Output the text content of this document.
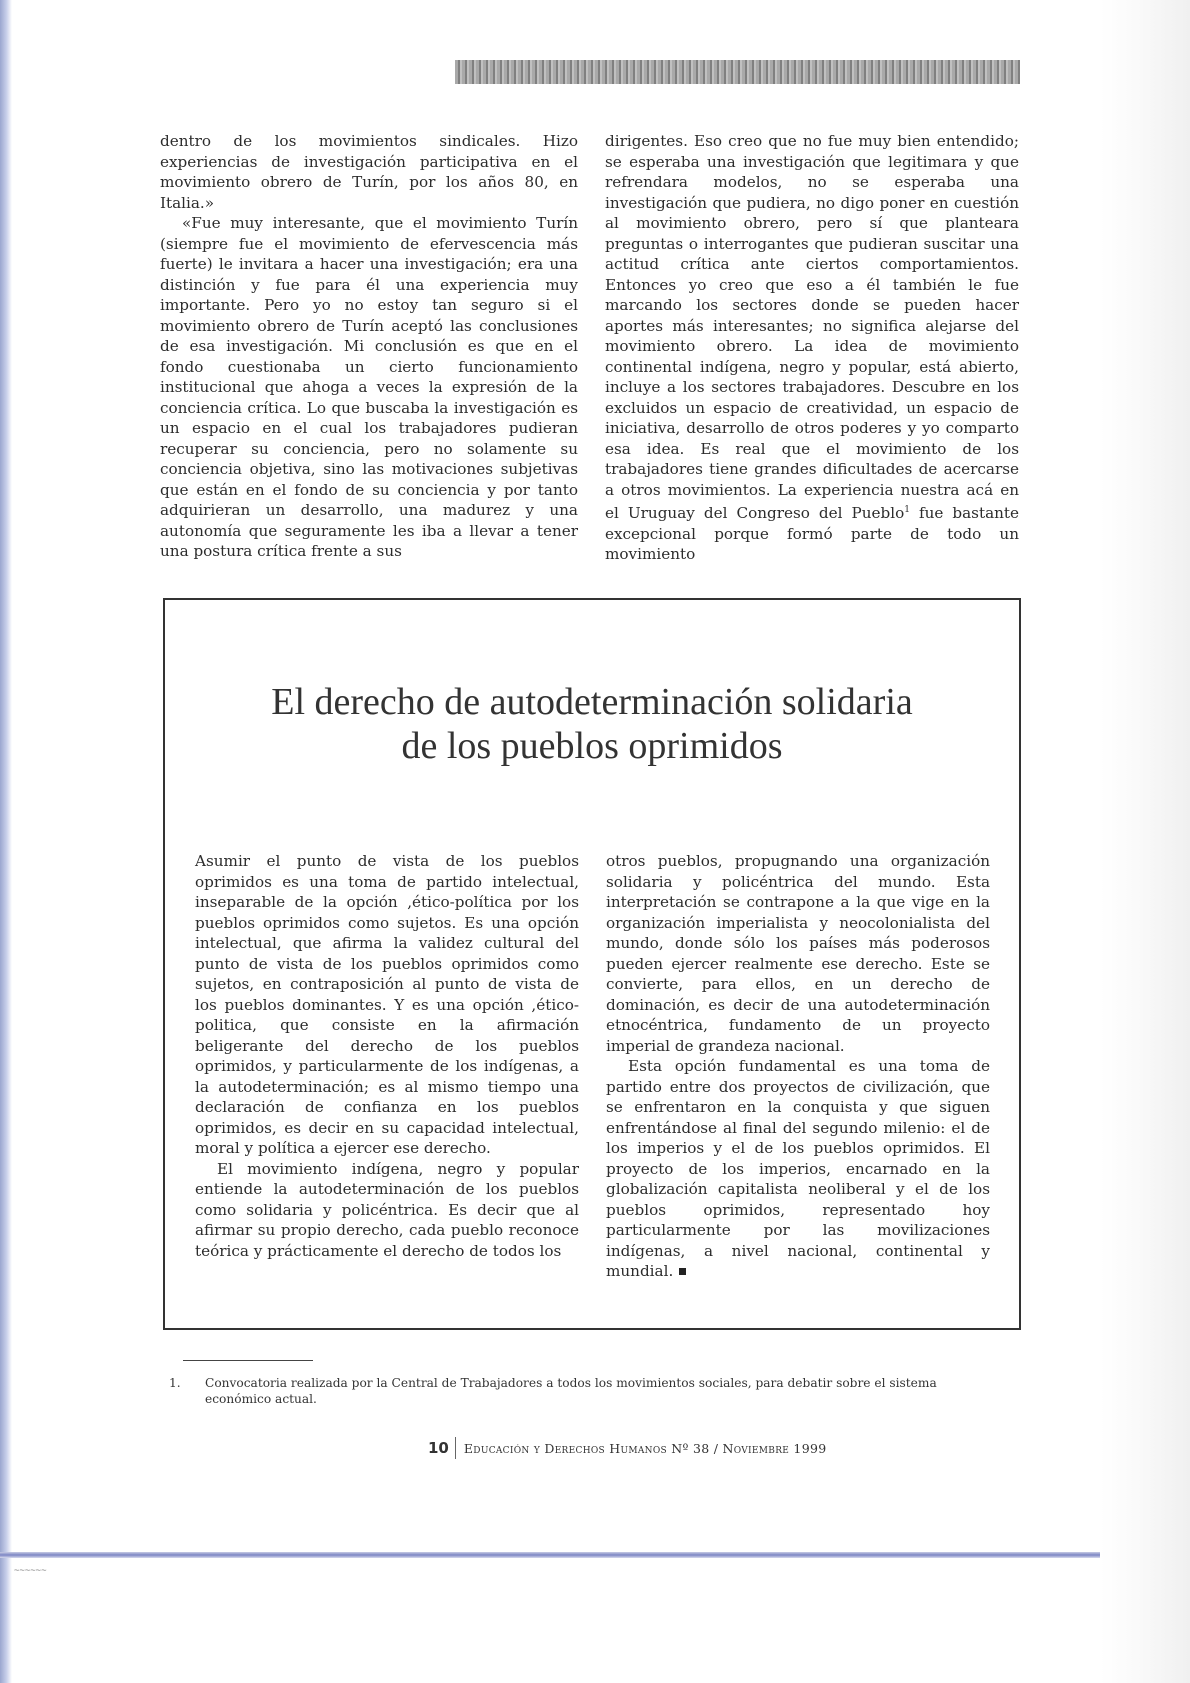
dentro de los movimientos sindicales. Hizo experiencias de investigación participativa en el movimiento obrero de Turín, por los años 80, en Italia.»

«Fue muy interesante, que el movimiento Turín (siempre fue el movimiento de efervescencia más fuerte) le invitara a hacer una investigación; era una distinción y fue para él una experiencia muy importante. Pero yo no estoy tan seguro si el movimiento obrero de Turín aceptó las conclusiones de esa investigación. Mi conclusión es que en el fondo cuestionaba un cierto funcionamiento institucional que ahoga a veces la expresión de la conciencia crítica. Lo que buscaba la investigación es un espacio en el cual los trabajadores pudieran recuperar su conciencia, pero no solamente su conciencia objetiva, sino las motivaciones subjetivas que están en el fondo de su conciencia y por tanto adquirieran un desarrollo, una madurez y una autonomía que seguramente les iba a llevar a tener una postura crítica frente a sus

dirigentes. Eso creo que no fue muy bien entendido; se esperaba una investigación que legitimara y que refrendara modelos, no se esperaba una investigación que pudiera, no digo poner en cuestión al movimiento obrero, pero sí que planteara preguntas o interrogantes que pudieran suscitar una actitud crítica ante ciertos comportamientos. Entonces yo creo que eso a él también le fue marcando los sectores donde se pueden hacer aportes más interesantes; no significa alejarse del movimiento obrero. La idea de movimiento continental indígena, negro y popular, está abierto, incluye a los sectores trabajadores. Descubre en los excluidos un espacio de creatividad, un espacio de iniciativa, desarrollo de otros poderes y yo comparto esa idea. Es real que el movimiento de los trabajadores tiene grandes dificultades de acercarse a otros movimientos. La experiencia nuestra acá en el Uruguay del Congreso del Pueblo$^1$ fue bastante excepcional porque formó parte de todo un movimiento

El derecho de autodeterminación solidaria
de los pueblos oprimidos

Asumir el punto de vista de los pueblos oprimidos es una toma de partido intelectual, inseparable de la opción ,ético-política por los pueblos oprimidos como sujetos. Es una opción intelectual, que afirma la validez cultural del punto de vista de los pueblos oprimidos como sujetos, en contraposición al punto de vista de los pueblos dominantes. Y es una opción ,ético-politica, que consiste en la afirmación beligerante del derecho de los pueblos oprimidos, y particularmente de los indígenas, a la autodeterminación; es al mismo tiempo una declaración de confianza en los pueblos oprimidos, es decir en su capacidad intelectual, moral y política a ejercer ese derecho.

El movimiento indígena, negro y popular entiende la autodeterminación de los pueblos como solidaria y policéntrica. Es decir que al afirmar su propio derecho, cada pueblo reconoce teórica y prácticamente el derecho de todos los

otros pueblos, propugnando una organización solidaria y policéntrica del mundo. Esta interpretación se contrapone a la que vige en la organización imperialista y neocolonialista del mundo, donde sólo los países más poderosos pueden ejercer realmente ese derecho. Este se convierte, para ellos, en un derecho de dominación, es decir de una autodeterminación etnocéntrica, fundamento de un proyecto imperial de grandeza nacional.

Esta opción fundamental es una toma de partido entre dos proyectos de civilización, que se enfrentaron en la conquista y que siguen enfrentándose al final del segundo milenio: el de los imperios y el de los pueblos oprimidos. El proyecto de los imperios, encarnado en la globalización capitalista neoliberal y el de los pueblos oprimidos, representado hoy particularmente por las movilizaciones indígenas, a nivel nacional, continental y mundial.

1. Convocatoria realizada por la Central de Trabajadores a todos los movimientos sociales, para debatir sobre el sistema económico actual.
10 Educación y Derechos Humanos Nº 38 / Noviembre 1999
~~~~~~
